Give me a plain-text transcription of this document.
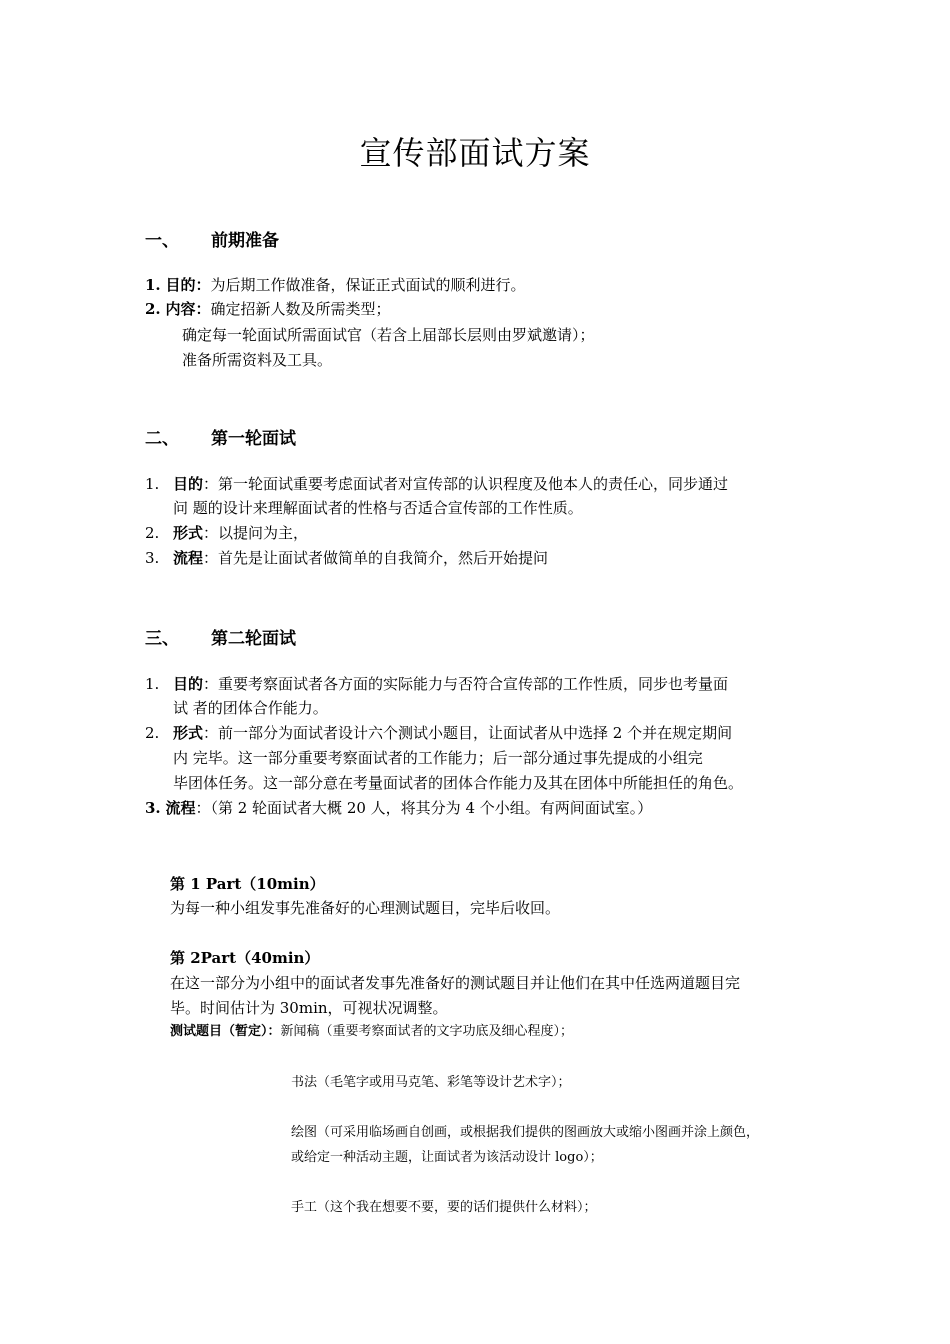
宣传部面试方案
一、 前期准备
1. 目的：为后期工作做准备，保证正式面试的顺利进行。
2. 内容：确定招新人数及所需类型；
确定每一轮面试所需面试官（若含上届部长层则由罗斌邀请）；
准备所需资料及工具。
二、 第一轮面试
1. 目的：第一轮面试重要考虑面试者对宣传部的认识程度及他本人的责任心，同步通过
问 题的设计来理解面试者的性格与否适合宣传部的工作性质。
2. 形式：以提问为主，
3. 流程：首先是让面试者做简单的自我简介，然后开始提问
三、 第二轮面试
1. 目的：重要考察面试者各方面的实际能力与否符合宣传部的工作性质，同步也考量面
试 者的团体合作能力。
2. 形式：前一部分为面试者设计六个测试小题目，让面试者从中选择 2 个并在规定期间
内 完毕。这一部分重要考察面试者的工作能力；后一部分通过事先提成的小组完
毕团体任务。这一部分意在考量面试者的团体合作能力及其在团体中所能担任的角色。
3. 流程：（第 2 轮面试者大概 20 人，将其分为 4 个小组。有两间面试室。）
第 1 Part（10min）
为每一种小组发事先准备好的心理测试题目，完毕后收回。
第 2Part（40min）
在这一部分为小组中的面试者发事先准备好的测试题目并让他们在其中任选两道题目完
毕。时间估计为 30min，可视状况调整。
测试题目（暂定）：新闻稿（重要考察面试者的文字功底及细心程度）；
书法（毛笔字或用马克笔、彩笔等设计艺术字）；
绘图（可采用临场画自创画，或根据我们提供的图画放大或缩小图画并涂上颜色，
或给定一种活动主题，让面试者为该活动设计 logo）；
手工（这个我在想要不要，要的话们提供什么材料）；
